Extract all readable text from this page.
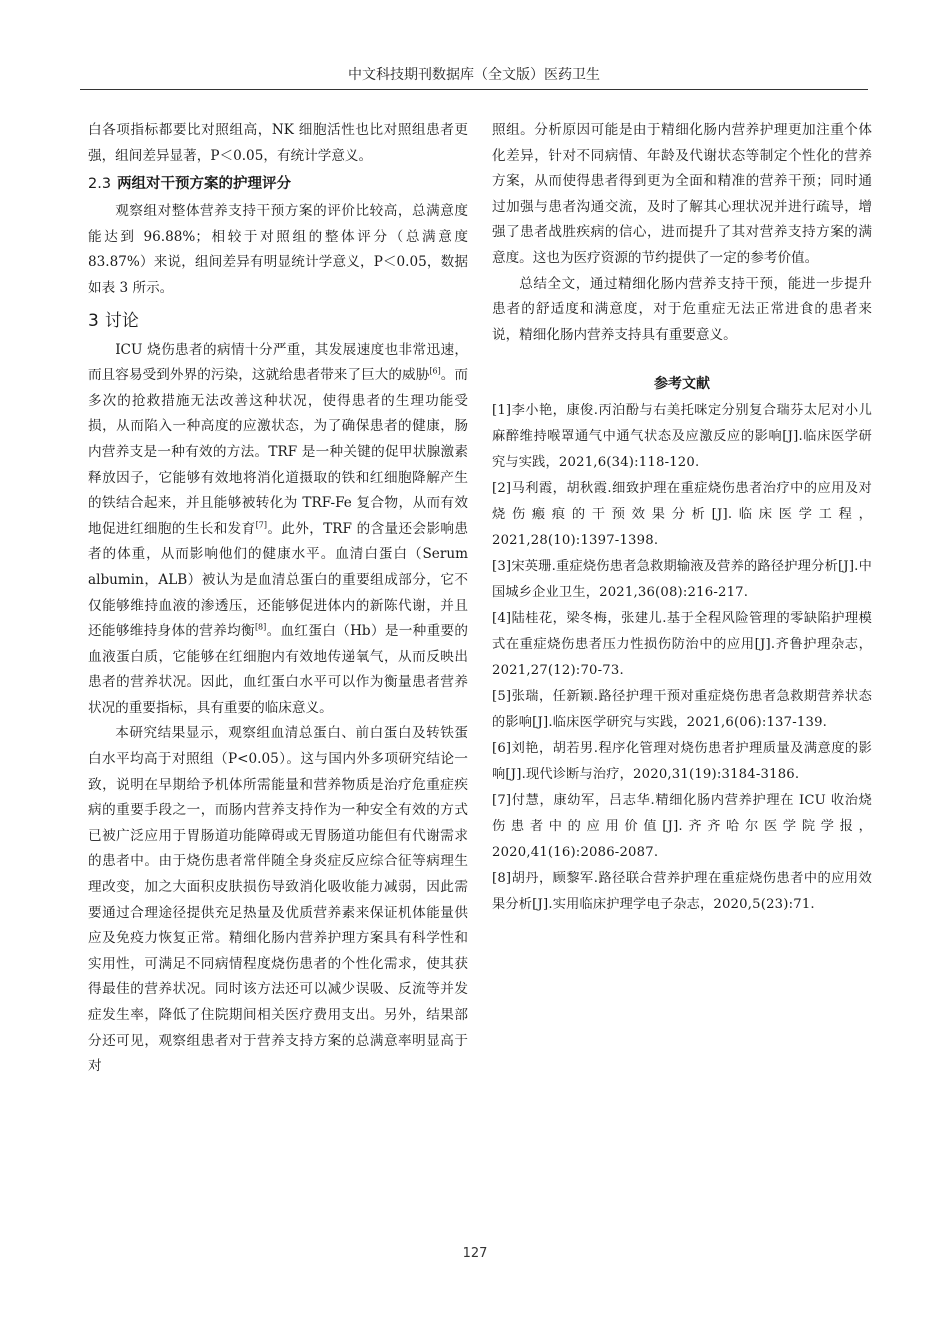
中文科技期刊数据库（全文版）医药卫生

白各项指标都要比对照组高，NK 细胞活性也比对照组患者更强，组间差异显著，P＜0.05，有统计学意义。

2.3 两组对干预方案的护理评分

观察组对整体营养支持干预方案的评价比较高，总满意度能达到 96.88%；相较于对照组的整体评分（总满意度 83.87%）来说，组间差异有明显统计学意义，P＜0.05，数据如表 3 所示。

3 讨论

ICU 烧伤患者的病情十分严重，其发展速度也非常迅速，而且容易受到外界的污染，这就给患者带来了巨大的威胁[6]。而多次的抢救措施无法改善这种状况，使得患者的生理功能受损，从而陷入一种高度的应激状态，为了确保患者的健康，肠内营养支是一种有效的方法。TRF 是一种关键的促甲状腺激素释放因子，它能够有效地将消化道摄取的铁和红细胞降解产生的铁结合起来，并且能够被转化为 TRF-Fe 复合物，从而有效地促进红细胞的生长和发育[7]。此外，TRF 的含量还会影响患者的体重，从而影响他们的健康水平。血清白蛋白（Serum albumin，ALB）被认为是血清总蛋白的重要组成部分，它不仅能够维持血液的渗透压，还能够促进体内的新陈代谢，并且还能够维持身体的营养均衡[8]。血红蛋白（Hb）是一种重要的血液蛋白质，它能够在红细胞内有效地传递氧气，从而反映出患者的营养状况。因此，血红蛋白水平可以作为衡量患者营养状况的重要指标，具有重要的临床意义。

本研究结果显示，观察组血清总蛋白、前白蛋白及转铁蛋白水平均高于对照组（P<0.05）。这与国内外多项研究结论一致，说明在早期给予机体所需能量和营养物质是治疗危重症疾病的重要手段之一，而肠内营养支持作为一种安全有效的方式已被广泛应用于胃肠道功能障碍或无胃肠道功能但有代谢需求的患者中。由于烧伤患者常伴随全身炎症反应综合征等病理生理改变，加之大面积皮肤损伤导致消化吸收能力减弱，因此需要通过合理途径提供充足热量及优质营养素来保证机体能量供应及免疫力恢复正常。精细化肠内营养护理方案具有科学性和实用性，可满足不同病情程度烧伤患者的个性化需求，使其获得最佳的营养状况。同时该方法还可以减少误吸、反流等并发症发生率，降低了住院期间相关医疗费用支出。另外，结果部分还可见，观察组患者对于营养支持方案的总满意率明显高于对

照组。分析原因可能是由于精细化肠内营养护理更加注重个体化差异，针对不同病情、年龄及代谢状态等制定个性化的营养方案，从而使得患者得到更为全面和精准的营养干预；同时通过加强与患者沟通交流，及时了解其心理状况并进行疏导，增强了患者战胜疾病的信心，进而提升了其对营养支持方案的满意度。这也为医疗资源的节约提供了一定的参考价值。

总结全文，通过精细化肠内营养支持干预，能进一步提升患者的舒适度和满意度，对于危重症无法正常进食的患者来说，精细化肠内营养支持具有重要意义。

参考文献
[1]李小艳，康俊.丙泊酚与右美托咪定分别复合瑞芬太尼对小儿麻醉维持喉罩通气中通气状态及应激反应的影响[J].临床医学研究与实践，2021,6(34):118-120.
[2]马利霞，胡秋霞.细致护理在重症烧伤患者治疗中的应用及对烧伤瘢痕的干预效果分析[J].临床医学工程，2021,28(10):1397-1398.
[3]宋英珊.重症烧伤患者急救期输液及营养的路径护理分析[J].中国城乡企业卫生，2021,36(08):216-217.
[4]陆桂花，梁冬梅，张建儿.基于全程风险管理的零缺陷护理模式在重症烧伤患者压力性损伤防治中的应用[J].齐鲁护理杂志，2021,27(12):70-73.
[5]张瑞，任新颖.路径护理干预对重症烧伤患者急救期营养状态的影响[J].临床医学研究与实践，2021,6(06):137-139.
[6]刘艳，胡若男.程序化管理对烧伤患者护理质量及满意度的影响[J].现代诊断与治疗，2020,31(19):3184-3186.
[7]付慧，康幼军，吕志华.精细化肠内营养护理在 ICU 收治烧伤患者中的应用价值[J].齐齐哈尔医学院学报，2020,41(16):2086-2087.
[8]胡丹，顾黎军.路径联合营养护理在重症烧伤患者中的应用效果分析[J].实用临床护理学电子杂志，2020,5(23):71.
127
